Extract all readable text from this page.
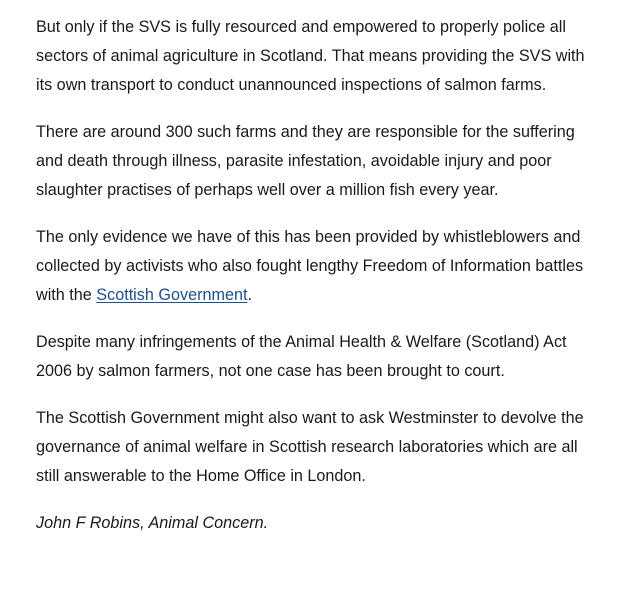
But only if the SVS is fully resourced and empowered to properly police all sectors of animal agriculture in Scotland. That means providing the SVS with its own transport to conduct unannounced inspections of salmon farms.

There are around 300 such farms and they are responsible for the suffering and death through illness, parasite infestation, avoidable injury and poor slaughter practises of perhaps well over a million fish every year.

The only evidence we have of this has been provided by whistleblowers and collected by activists who also fought lengthy Freedom of Information battles with the Scottish Government.

Despite many infringements of the Animal Health & Welfare (Scotland) Act 2006 by salmon farmers, not one case has been brought to court.

The Scottish Government might also want to ask Westminster to devolve the governance of animal welfare in Scottish research laboratories which are all still answerable to the Home Office in London.

John F Robins, Animal Concern.
